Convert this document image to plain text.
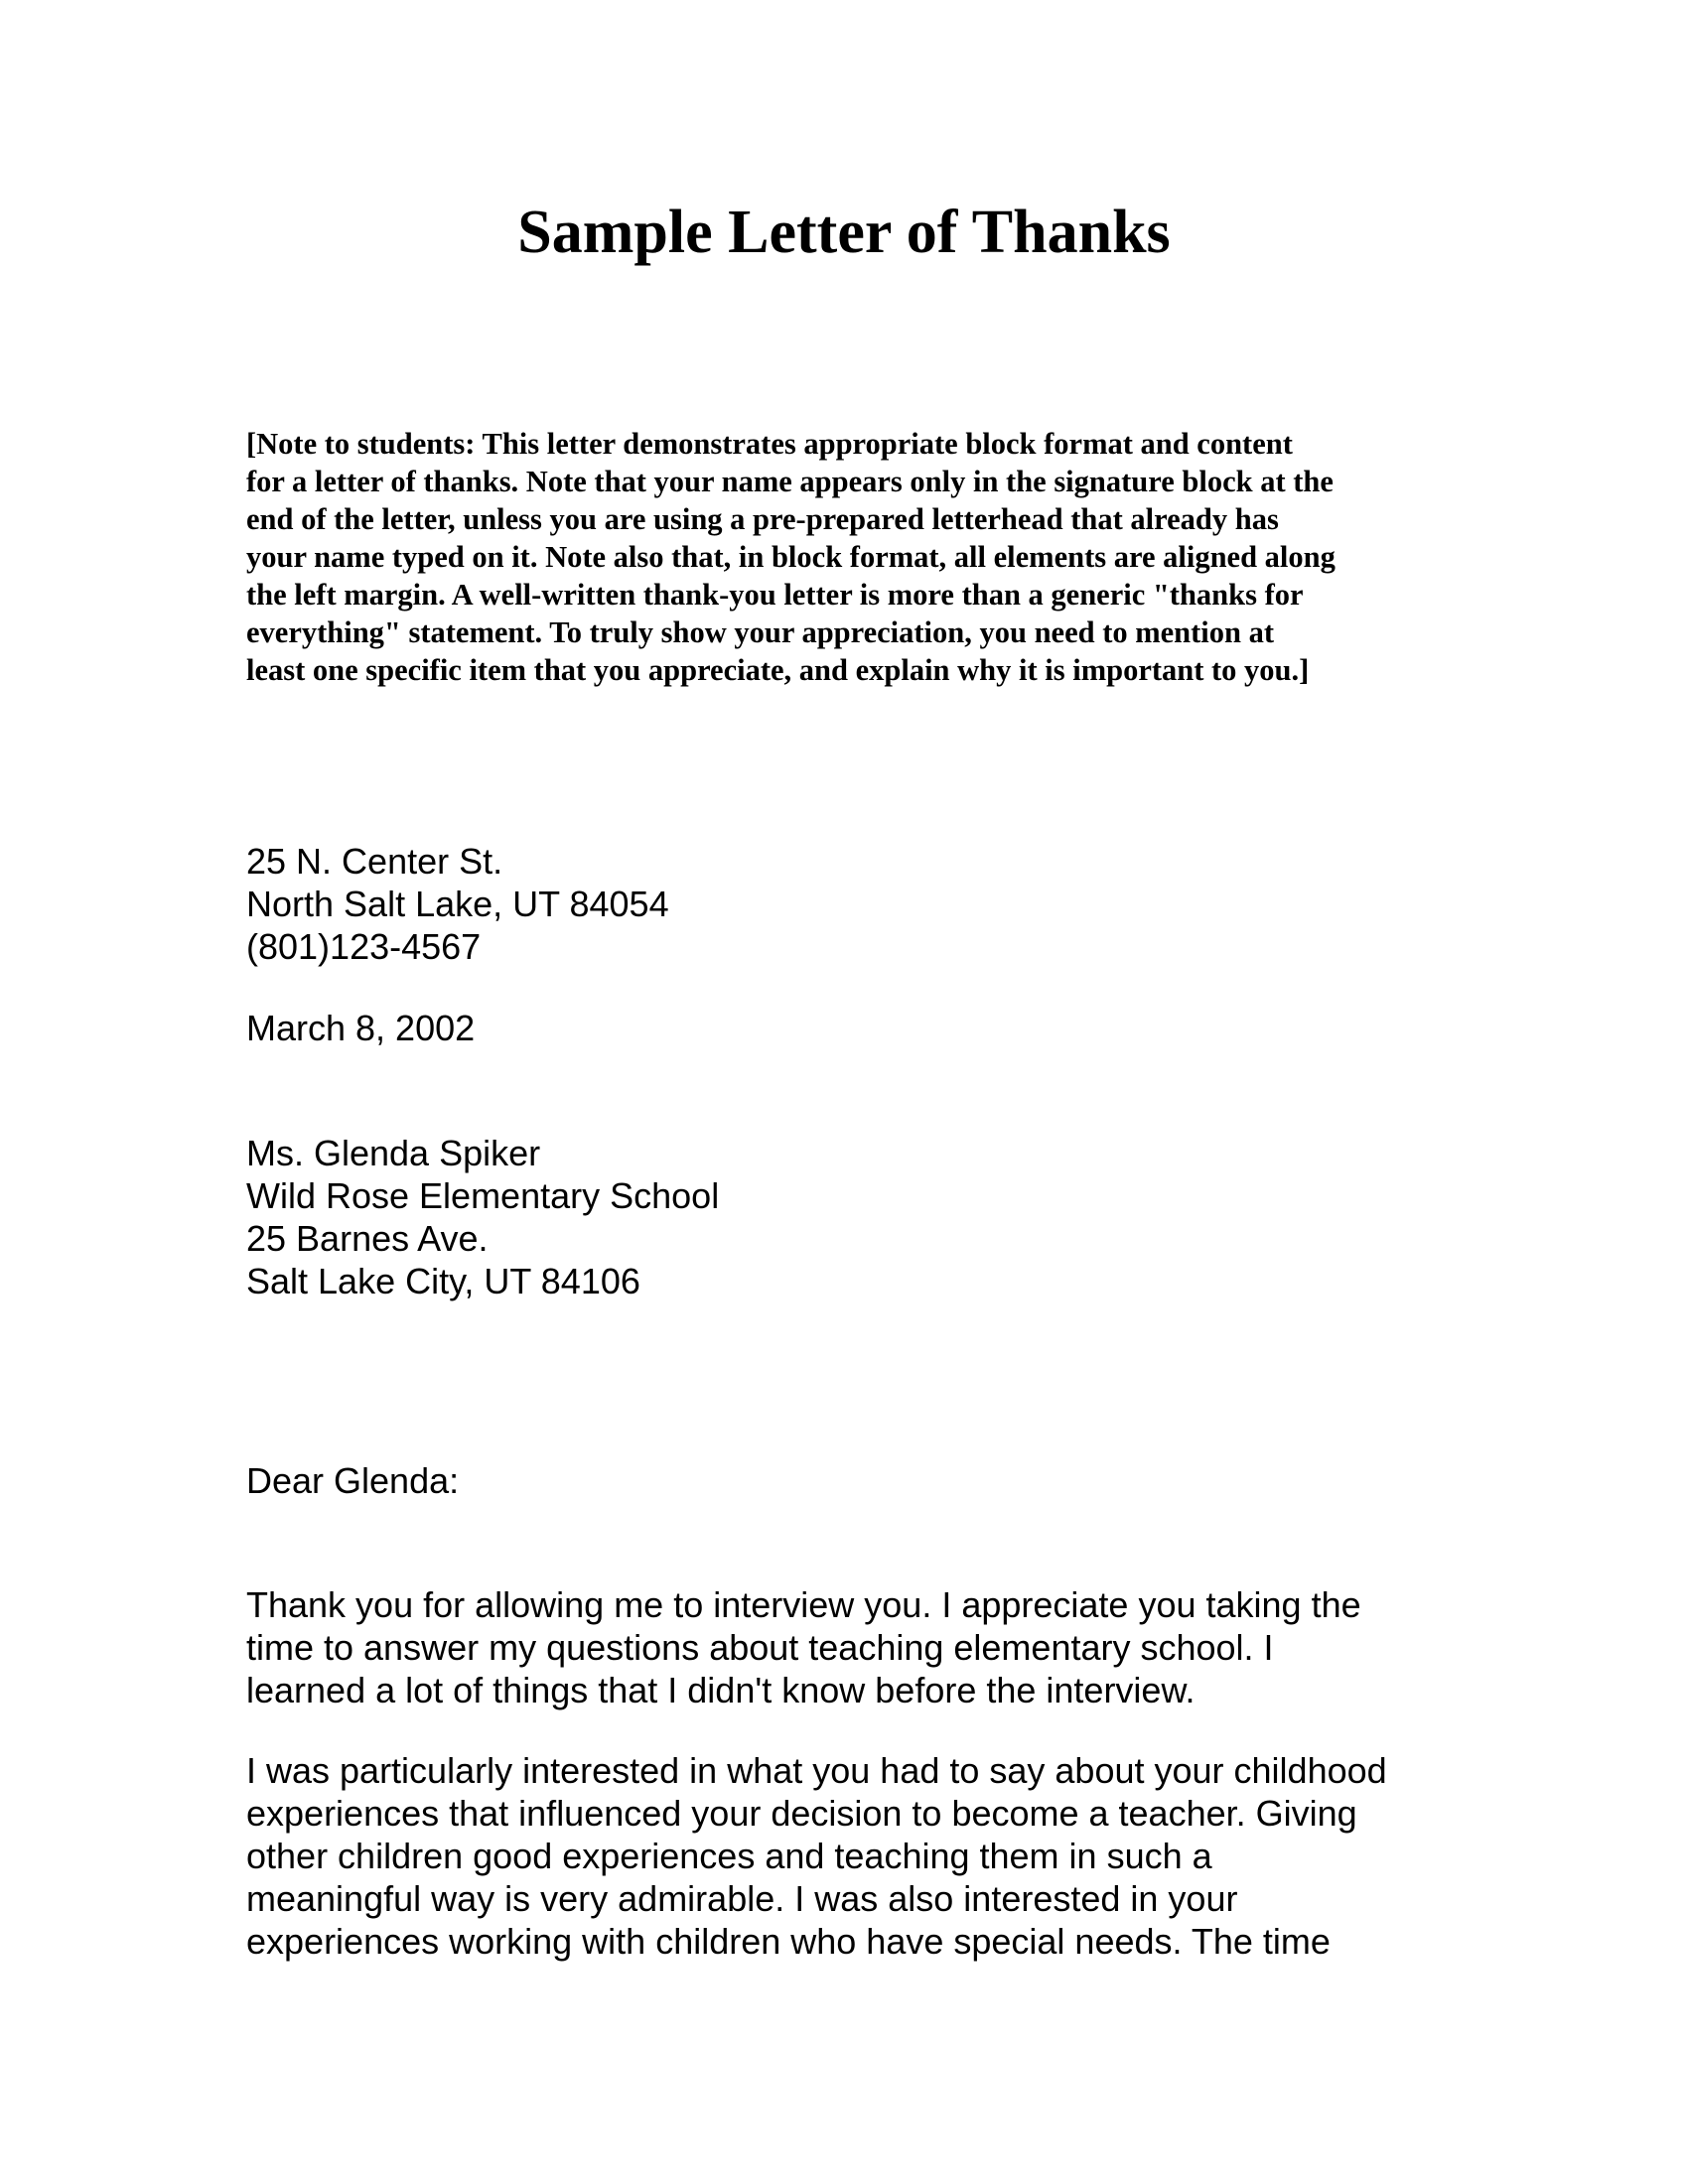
Sample Letter of Thanks

[Note to students: This letter demonstrates appropriate block format and content
for a letter of thanks. Note that your name appears only in the signature block at the
end of the letter, unless you are using a pre-prepared letterhead that already has
your name typed on it. Note also that, in block format, all elements are aligned along
the left margin. A well-written thank-you letter is more than a generic "thanks for
everything" statement. To truly show your appreciation, you need to mention at
least one specific item that you appreciate, and explain why it is important to you.]

25 N. Center St.
North Salt Lake, UT 84054
(801)123-4567

March 8, 2002

Ms. Glenda Spiker
Wild Rose Elementary School
25 Barnes Ave.
Salt Lake City, UT 84106

Dear Glenda:

Thank you for allowing me to interview you. I appreciate you taking the
time to answer my questions about teaching elementary school. I
learned a lot of things that I didn't know before the interview.

I was particularly interested in what you had to say about your childhood
experiences that influenced your decision to become a teacher. Giving
other children good experiences and teaching them in such a
meaningful way is very admirable. I was also interested in your
experiences working with children who have special needs. The time
